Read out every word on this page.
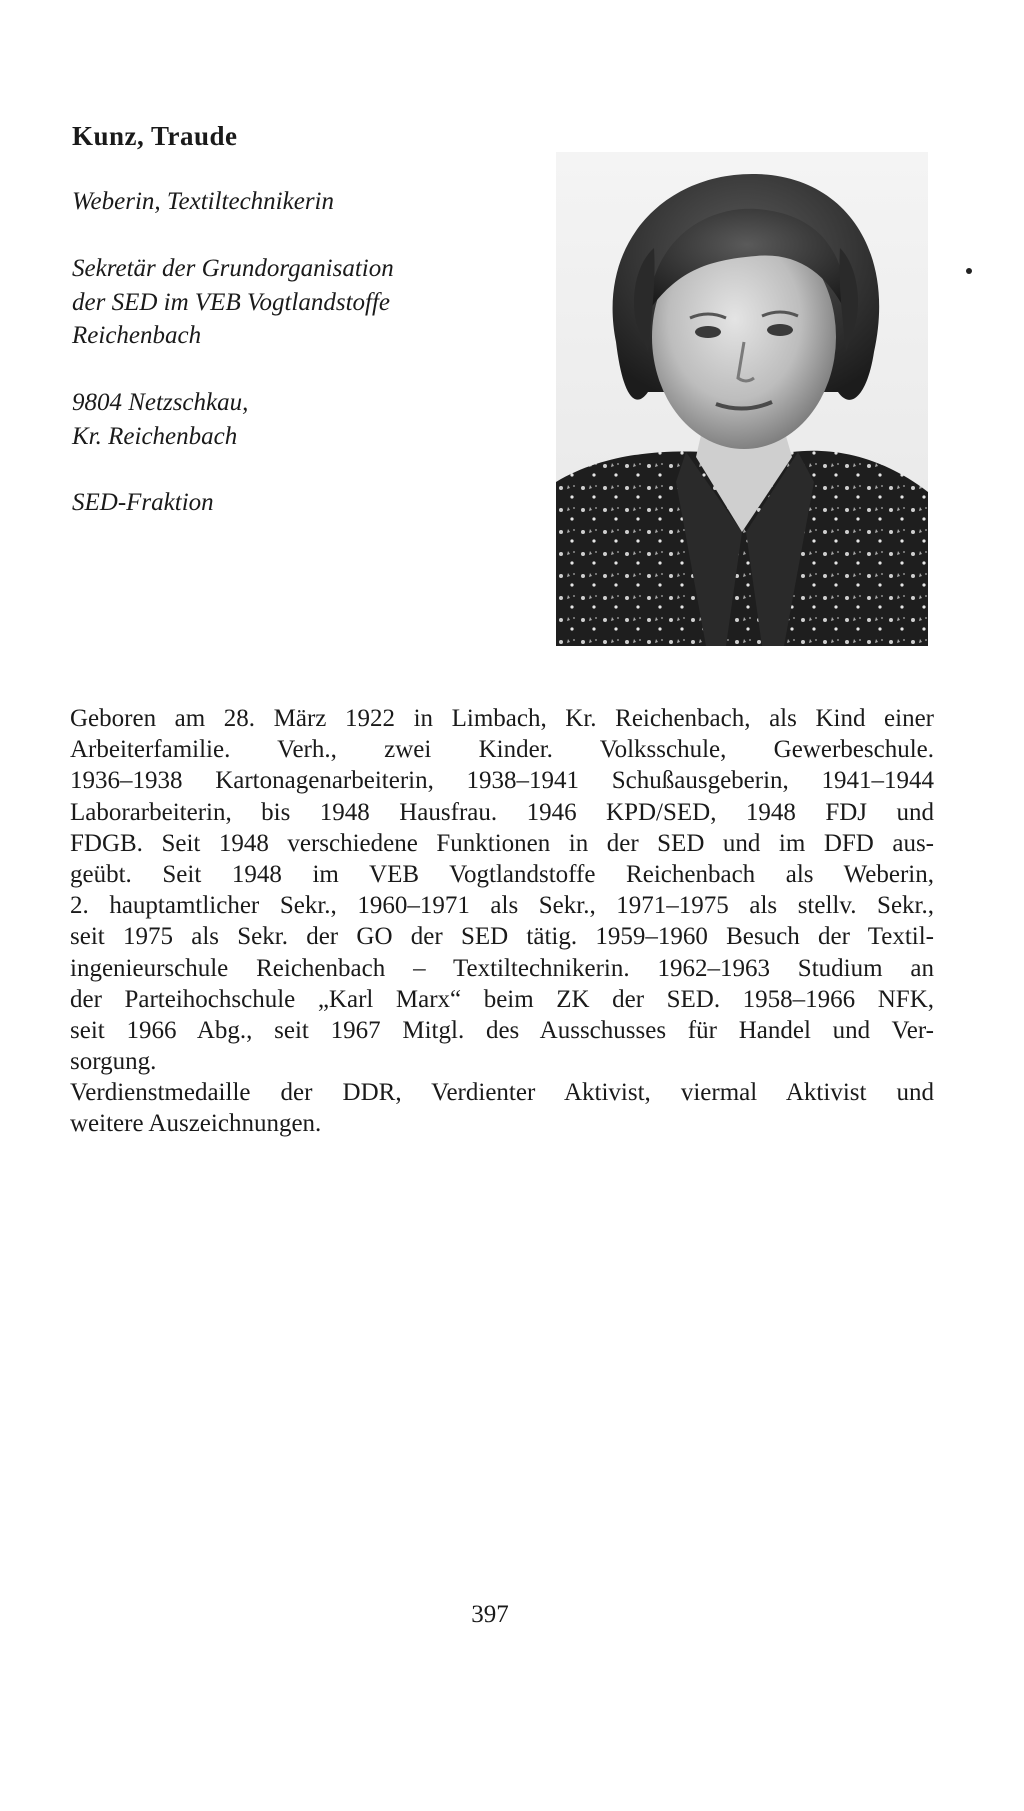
Kunz, Traude
Weberin, Textiltechnikerin
Sekretär der Grundorganisation
der SED im VEB Vogtlandstoffe
Reichenbach
9804 Netzschkau,
Kr. Reichenbach
SED-Fraktion
Geboren am 28. März 1922 in Limbach, Kr. Reichenbach, als Kind einer
Arbeiterfamilie. Verh., zwei Kinder. Volksschule, Gewerbeschule.
1936–1938 Kartonagenarbeiterin, 1938–1941 Schußausgeberin, 1941–1944
Laborarbeiterin, bis 1948 Hausfrau. 1946 KPD/SED, 1948 FDJ und
FDGB. Seit 1948 verschiedene Funktionen in der SED und im DFD aus-
geübt. Seit 1948 im VEB Vogtlandstoffe Reichenbach als Weberin,
2. hauptamtlicher Sekr., 1960–1971 als Sekr., 1971–1975 als stellv. Sekr.,
seit 1975 als Sekr. der GO der SED tätig. 1959–1960 Besuch der Textil-
ingenieurschule Reichenbach – Textiltechnikerin. 1962–1963 Studium an
der Parteihochschule „Karl Marx“ beim ZK der SED. 1958–1966 NFK,
seit 1966 Abg., seit 1967 Mitgl. des Ausschusses für Handel und Ver-
sorgung.
Verdienstmedaille der DDR, Verdienter Aktivist, viermal Aktivist und
weitere Auszeichnungen.
397
